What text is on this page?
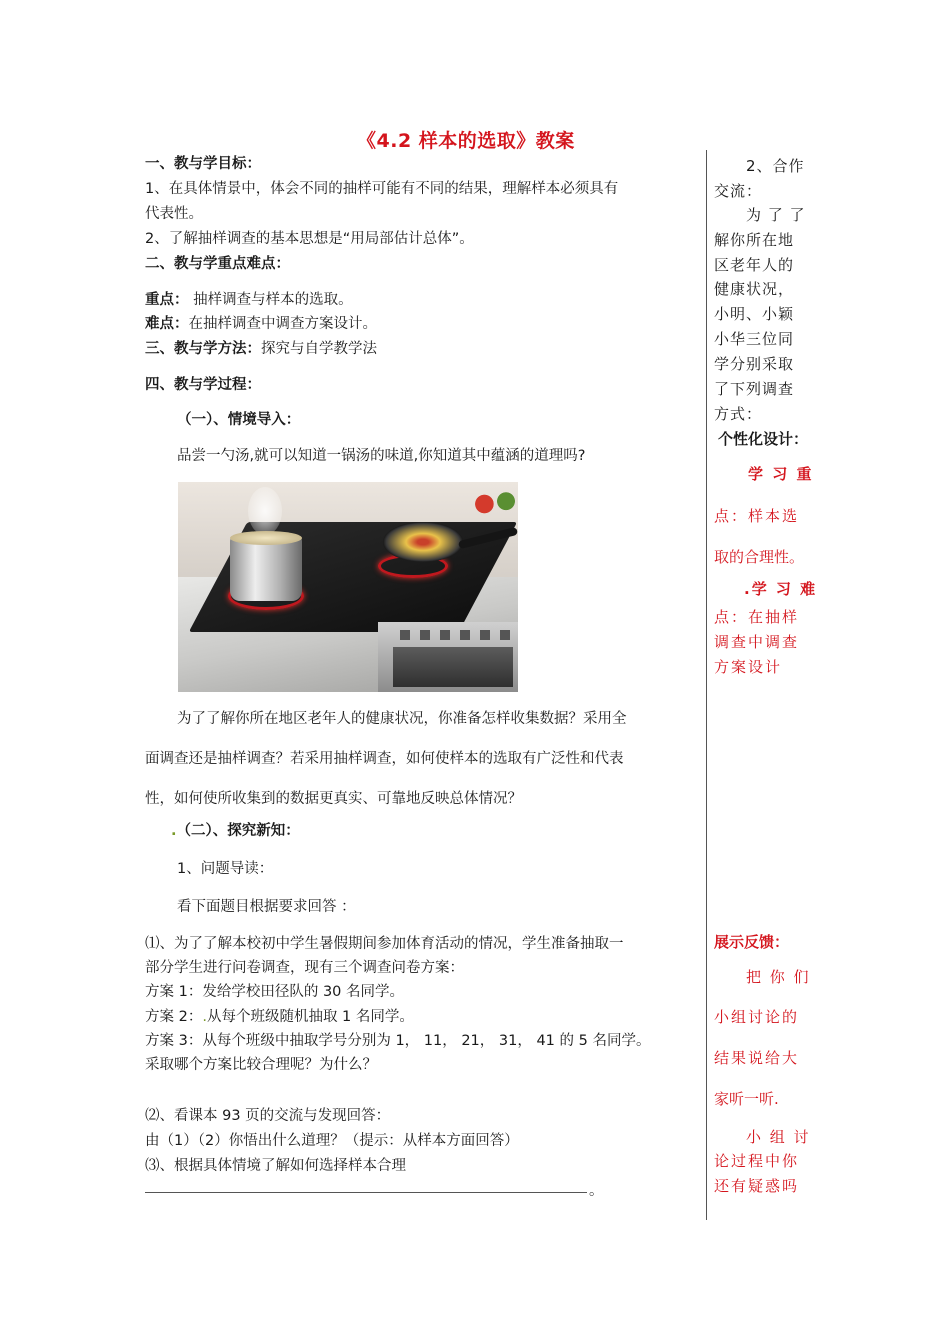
《4.2 样本的选取》教案
一、教与学目标：
1、在具体情景中，体会不同的抽样可能有不同的结果，理解样本必须具有
代表性。
2、了解抽样调查的基本思想是“用局部估计总体”。
二、教与学重点难点：
重点： 抽样调查与样本的选取。
难点：在抽样调查中调查方案设计。
三、教与学方法：探究与自学教学法
四、教与学过程：
（一）、情境导入：
品尝一勺汤,就可以知道一锅汤的味道,你知道其中蕴涵的道理吗?
为了了解你所在地区老年人的健康状况，你准备怎样收集数据？采用全
面调查还是抽样调查？若采用抽样调查，如何使样本的选取有广泛性和代表
性，如何使所收集到的数据更真实、可靠地反映总体情况？
.（二）、探究新知：
1、问题导读：
看下面题目根据要求回答 ：
⑴、为了了解本校初中学生暑假期间参加体育活动的情况，学生准备抽取一
部分学生进行问卷调查，现有三个调查问卷方案：
方案 1：发给学校田径队的 30 名同学。
方案 2：.从每个班级随机抽取 1 名同学。
方案 3：从每个班级中抽取学号分别为 1， 11， 21， 31， 41 的 5 名同学。
采取哪个方案比较合理呢？为什么？
⑵、看课本 93 页的交流与发现回答：
由（1）（2）你悟出什么道理？（提示：从样本方面回答）
⑶、根据具体情境了解如何选择样本合理
。
2、合作
交流：
为 了 了
解你所在地
区老年人的
健康状况，
小明、小颖
小华三位同
学分别采取
了下列调查
方式：
个性化设计：
学 习 重
点：样本选
取的合理性。
.学 习 难
点：在抽样
调查中调查
方案设计
展示反馈：
把 你 们
小组讨论的
结果说给大
家听一听.
小 组 讨
论过程中你
还有疑惑吗
